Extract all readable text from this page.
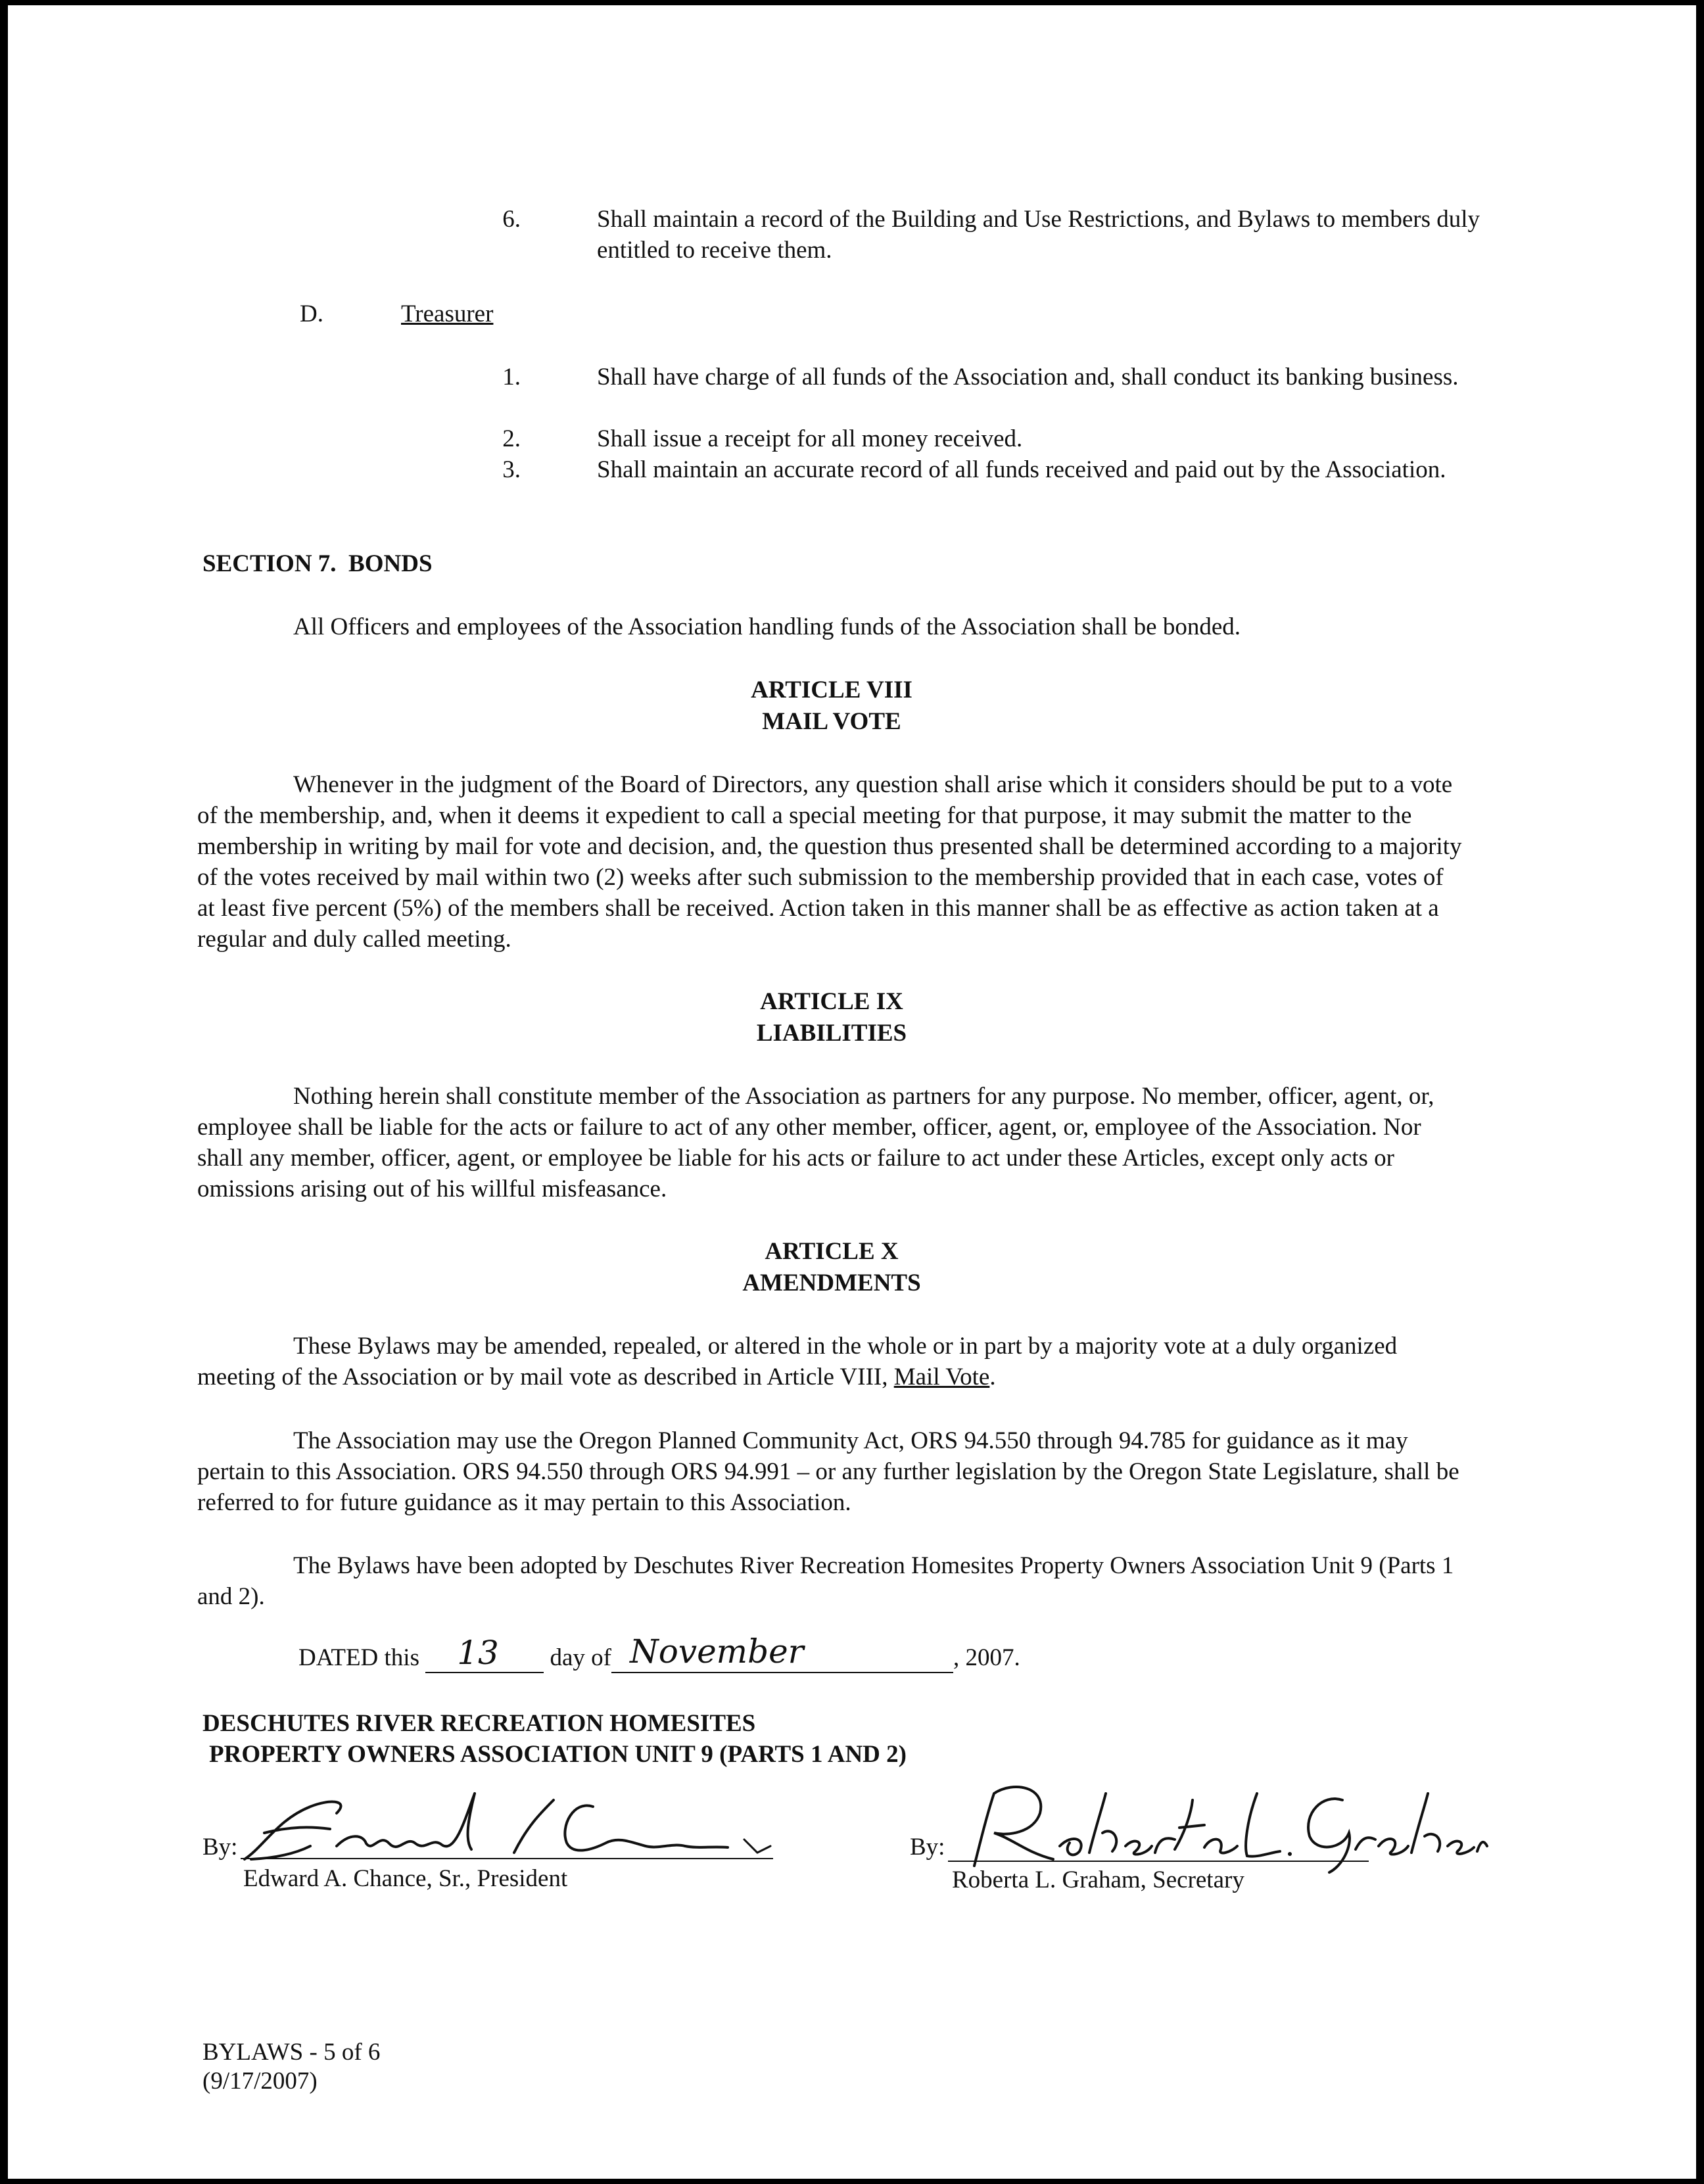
6.	Shall maintain a record of the Building and Use Restrictions, and Bylaws to members duly entitled to receive them.
D.	Treasurer
1.	Shall have charge of all funds of the Association and, shall conduct its banking business.
2.	Shall issue a receipt for all money received.
3.	Shall maintain an accurate record of all funds received and paid out by the Association.
SECTION 7.  BONDS
All Officers and employees of the Association handling funds of the Association shall be bonded.
ARTICLE VIII
MAIL VOTE
Whenever in the judgment of the Board of Directors, any question shall arise which it considers should be put to a vote of the membership, and, when it deems it expedient to call a special meeting for that purpose, it may submit the matter to the membership in writing by mail for vote and decision, and, the question thus presented shall be determined according to a majority of the votes received by mail within two (2) weeks after such submission to the membership provided that in each case, votes of at least five percent (5%) of the members shall be received. Action taken in this manner shall be as effective as action taken at a regular and duly called meeting.
ARTICLE IX
LIABILITIES
Nothing herein shall constitute member of the Association as partners for any purpose. No member, officer, agent, or, employee shall be liable for the acts or failure to act of any other member, officer, agent, or, employee of the Association. Nor shall any member, officer, agent, or employee be liable for his acts or failure to act under these Articles, except only acts or omissions arising out of his willful misfeasance.
ARTICLE X
AMENDMENTS
These Bylaws may be amended, repealed, or altered in the whole or in part by a majority vote at a duly organized meeting of the Association or by mail vote as described in Article VIII, Mail Vote.
The Association may use the Oregon Planned Community Act, ORS 94.550 through 94.785 for guidance as it may pertain to this Association. ORS 94.550 through ORS 94.991 – or any further legislation by the Oregon State Legislature, shall be referred to for future guidance as it may pertain to this Association.
The Bylaws have been adopted by Deschutes River Recreation Homesites Property Owners Association Unit 9 (Parts 1 and 2).
DATED this 13 day of November	, 2007.
DESCHUTES RIVER RECREATION HOMESITES
PROPERTY OWNERS ASSOCIATION UNIT 9 (PARTS 1 AND 2)
By:
Edward A. Chance, Sr., President
By:
Roberta L. Graham, Secretary
BYLAWS - 5 of 6
(9/17/2007)
